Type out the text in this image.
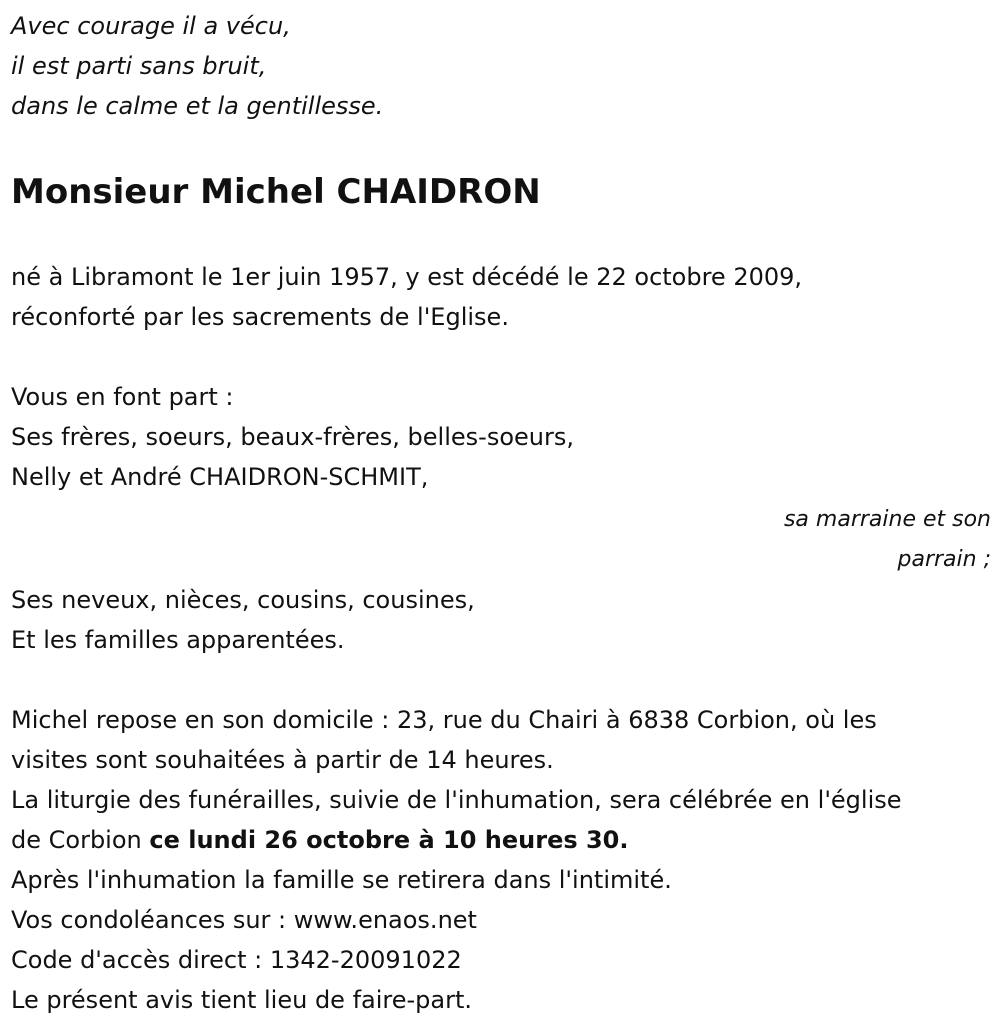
Avec courage il a vécu,
il est parti sans bruit,
dans le calme et la gentillesse.
Monsieur Michel CHAIDRON
né à Libramont le 1er juin 1957, y est décédé le 22 octobre 2009,
réconforté par les sacrements de l'Eglise.
Vous en font part :
Ses frères, soeurs, beaux-frères, belles-soeurs,
Nelly et André CHAIDRON-SCHMIT,
sa marraine et son
parrain ;
Ses neveux, nièces, cousins, cousines,
Et les familles apparentées.
Michel repose en son domicile : 23, rue du Chairi à 6838 Corbion, où les
visites sont souhaitées à partir de 14 heures.
La liturgie des funérailles, suivie de l'inhumation, sera célébrée en l'église
de Corbion ce lundi 26 octobre à 10 heures 30.
Après l'inhumation la famille se retirera dans l'intimité.
Vos condoléances sur : www.enaos.net
Code d'accès direct : 1342-20091022
Le présent avis tient lieu de faire-part.
